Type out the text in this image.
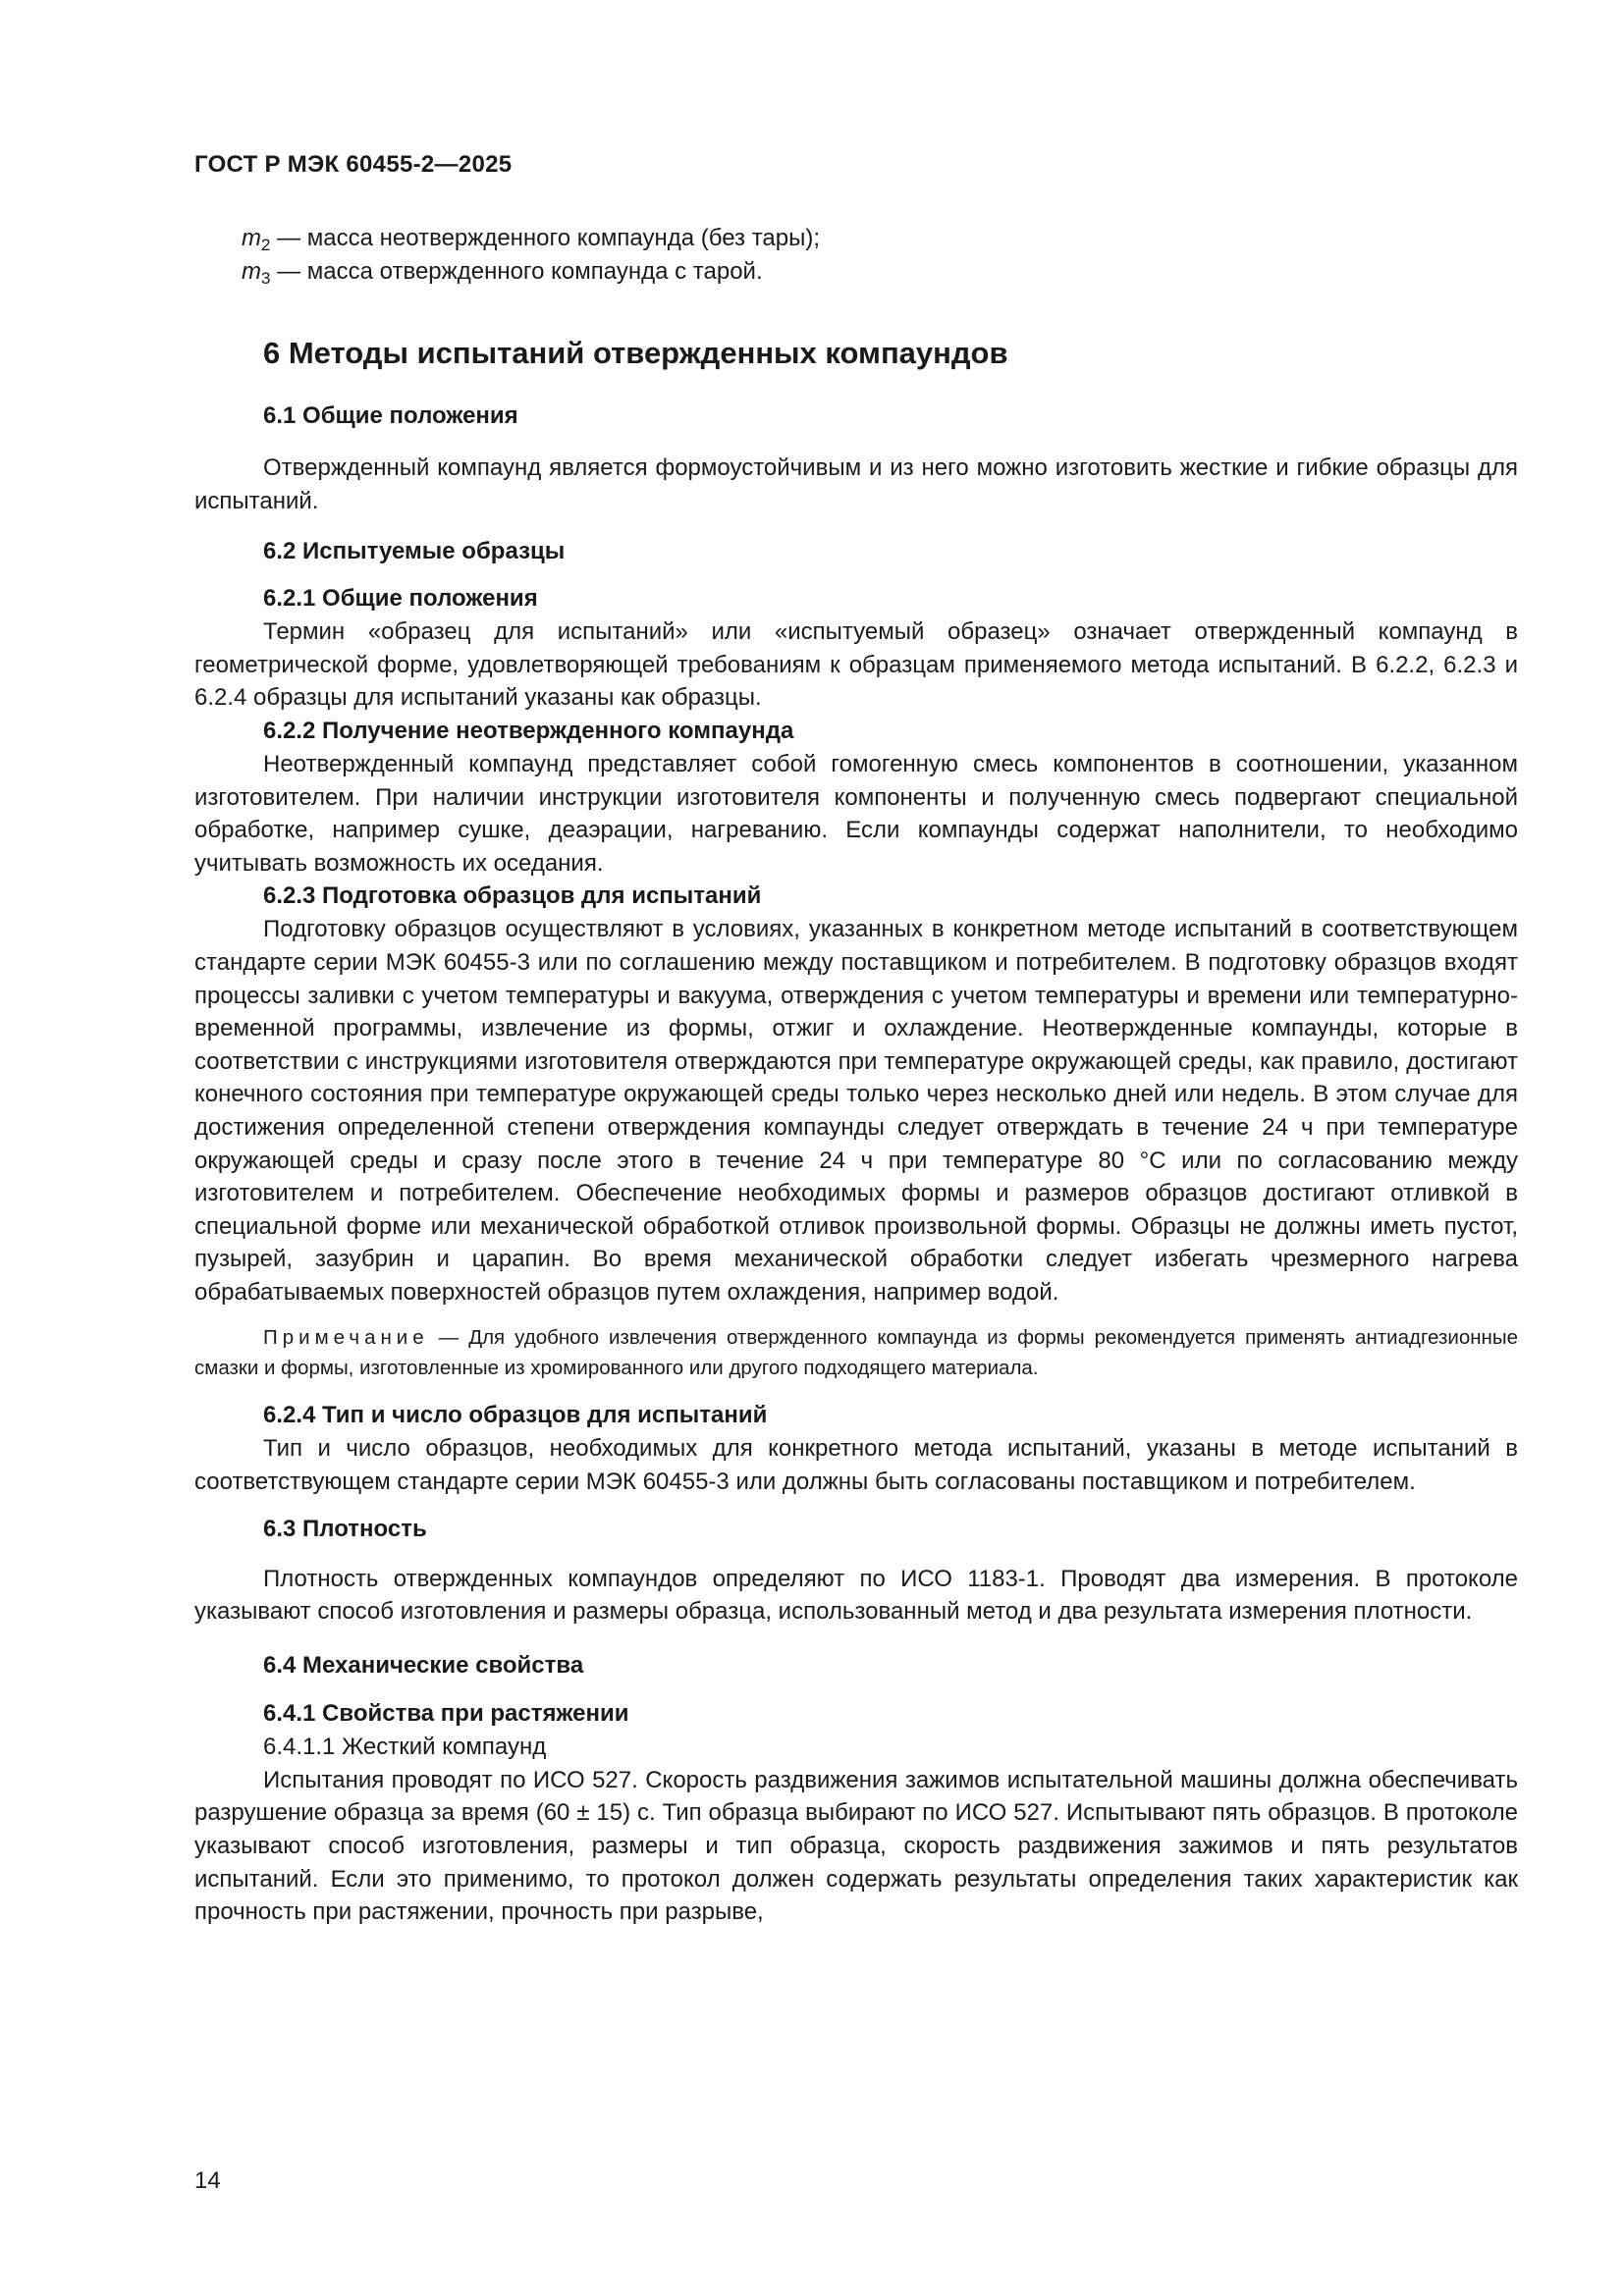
ГОСТ Р МЭК 60455-2—2025
$m_2$ — масса неотвержденного компаунда (без тары);
$m_3$ — масса отвержденного компаунда с тарой.
6 Методы испытаний отвержденных компаундов
6.1 Общие положения

Отвержденный компаунд является формоустойчивым и из него можно изготовить жесткие и гибкие образцы для испытаний.

6.2 Испытуемые образцы
6.2.1 Общие положения

Термин «образец для испытаний» или «испытуемый образец» означает отвержденный компаунд в геометрической форме, удовлетворяющей требованиям к образцам применяемого метода испытаний. В 6.2.2, 6.2.3 и 6.2.4 образцы для испытаний указаны как образцы.

6.2.2 Получение неотвержденного компаунда

Неотвержденный компаунд представляет собой гомогенную смесь компонентов в соотношении, указанном изготовителем. При наличии инструкции изготовителя компоненты и полученную смесь подвергают специальной обработке, например сушке, деаэрации, нагреванию. Если компаунды содержат наполнители, то необходимо учитывать возможность их оседания.

6.2.3 Подготовка образцов для испытаний

Подготовку образцов осуществляют в условиях, указанных в конкретном методе испытаний в соответствующем стандарте серии МЭК 60455-3 или по соглашению между поставщиком и потребителем. В подготовку образцов входят процессы заливки с учетом температуры и вакуума, отверждения с учетом температуры и времени или температурно-временной программы, извлечение из формы, отжиг и охлаждение. Неотвержденные компаунды, которые в соответствии с инструкциями изготовителя отверждаются при температуре окружающей среды, как правило, достигают конечного состояния при температуре окружающей среды только через несколько дней или недель. В этом случае для достижения определенной степени отверждения компаунды следует отверждать в течение 24 ч при температуре окружающей среды и сразу после этого в течение 24 ч при температуре 80 °С или по согласованию между изготовителем и потребителем. Обеспечение необходимых формы и размеров образцов достигают отливкой в специальной форме или механической обработкой отливок произвольной формы. Образцы не должны иметь пустот, пузырей, зазубрин и царапин. Во время механической обработки следует избегать чрезмерного нагрева обрабатываемых поверхностей образцов путем охлаждения, например водой.

Примечание — Для удобного извлечения отвержденного компаунда из формы рекомендуется применять антиадгезионные смазки и формы, изготовленные из хромированного или другого подходящего материала.

6.2.4 Тип и число образцов для испытаний

Тип и число образцов, необходимых для конкретного метода испытаний, указаны в методе испытаний в соответствующем стандарте серии МЭК 60455-3 или должны быть согласованы поставщиком и потребителем.

6.3 Плотность

Плотность отвержденных компаундов определяют по ИСО 1183-1. Проводят два измерения. В протоколе указывают способ изготовления и размеры образца, использованный метод и два результата измерения плотности.

6.4 Механические свойства
6.4.1 Свойства при растяжении
6.4.1.1 Жесткий компаунд

Испытания проводят по ИСО 527. Скорость раздвижения зажимов испытательной машины должна обеспечивать разрушение образца за время (60 ± 15) с. Тип образца выбирают по ИСО 527. Испытывают пять образцов. В протоколе указывают способ изготовления, размеры и тип образца, скорость раздвижения зажимов и пять результатов испытаний. Если это применимо, то протокол должен содержать результаты определения таких характеристик как прочность при растяжении, прочность при разрыве,

14
